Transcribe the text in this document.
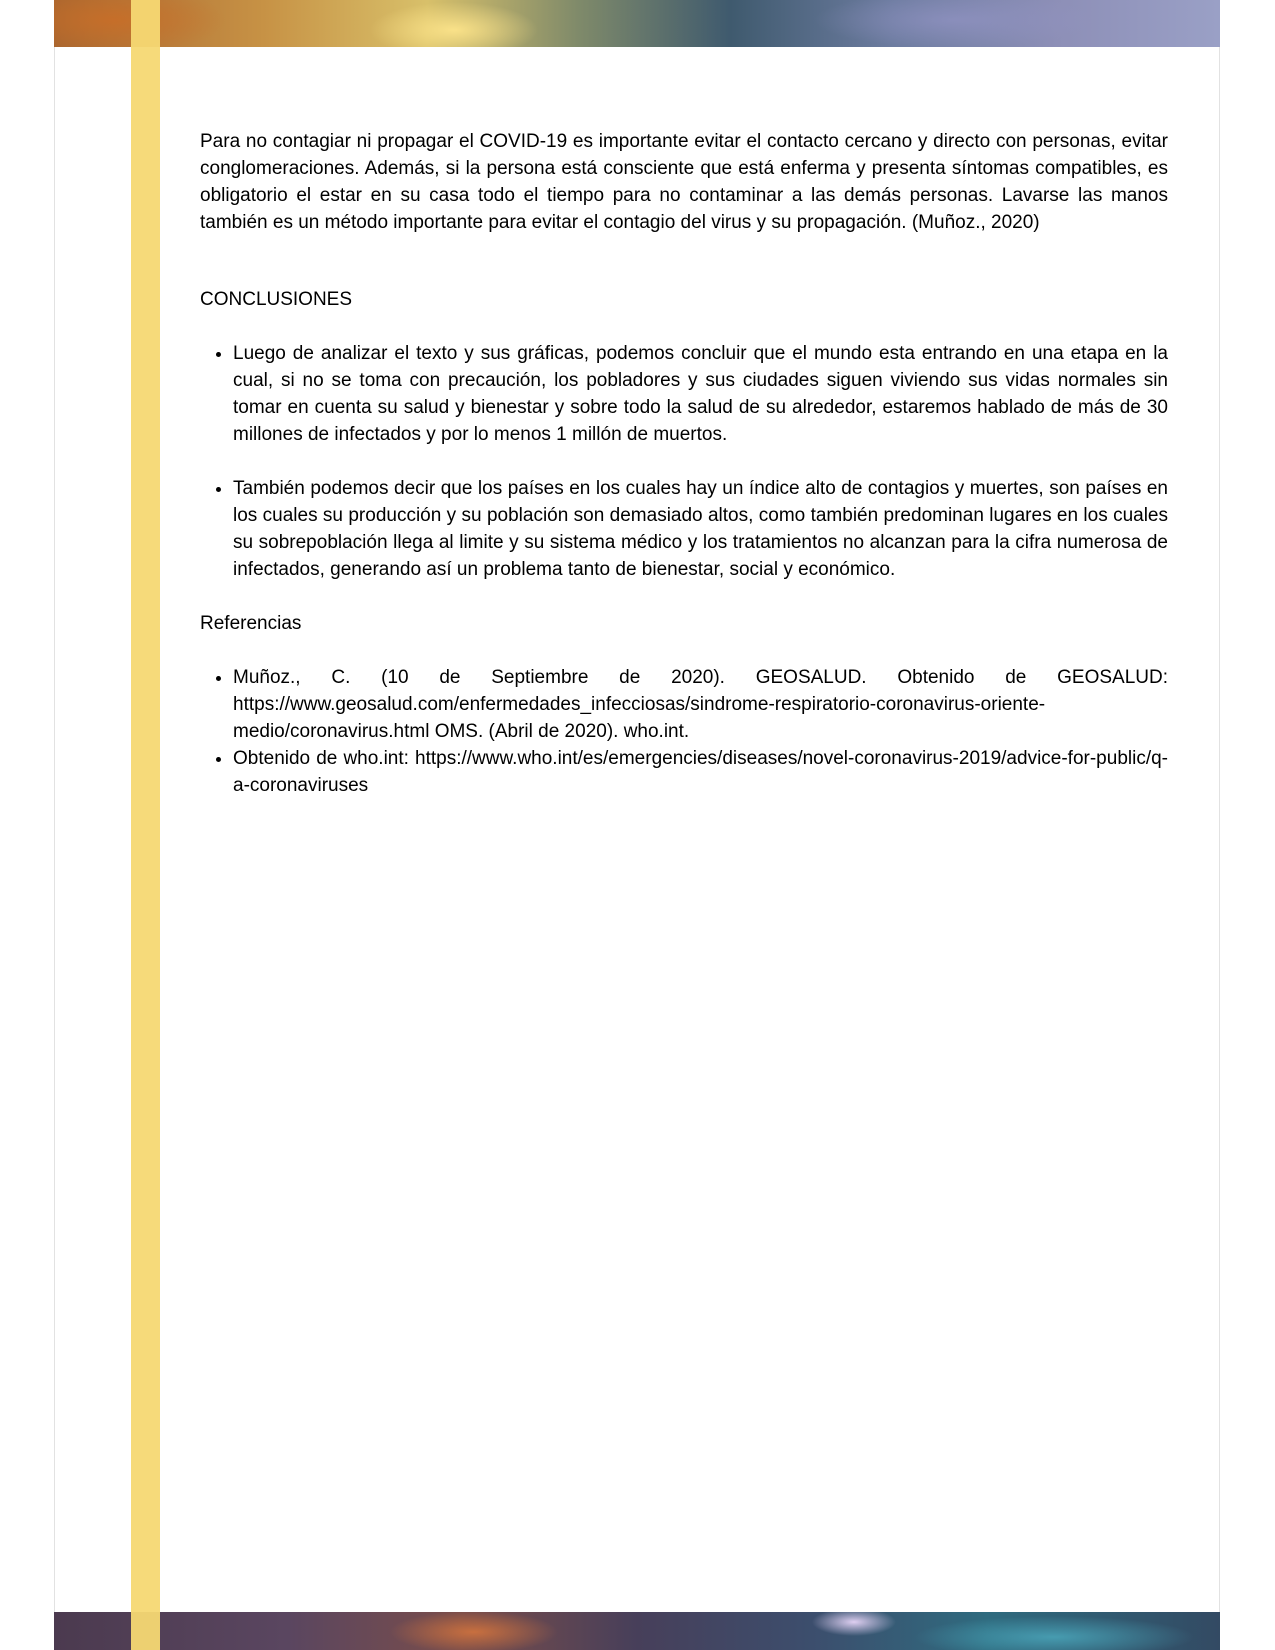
Para no contagiar ni propagar el COVID-19 es importante evitar el contacto cercano y directo con personas, evitar conglomeraciones. Además, si la persona está consciente que está enferma y presenta síntomas compatibles, es obligatorio el estar en su casa todo el tiempo para no contaminar a las demás personas. Lavarse las manos también es un método importante para evitar el contagio del virus y su propagación. (Muñoz., 2020)

CONCLUSIONES
• Luego de analizar el texto y sus gráficas, podemos concluir que el mundo esta entrando en una etapa en la cual, si no se toma con precaución, los pobladores y sus ciudades siguen viviendo sus vidas normales sin tomar en cuenta su salud y bienestar y sobre todo la salud de su alrededor, estaremos hablado de más de 30 millones de infectados y por lo menos 1 millón de muertos.
• También podemos decir que los países en los cuales hay un índice alto de contagios y muertes, son países en los cuales su producción y su población son demasiado altos, como también predominan lugares en los cuales su sobrepoblación llega al limite y su sistema médico y los tratamientos no alcanzan para la cifra numerosa de infectados, generando así un problema tanto de bienestar, social y económico.
Referencias
• Muñoz., C. (10 de Septiembre de 2020). GEOSALUD. Obtenido de GEOSALUD: https://www.geosalud.com/enfermedades_infecciosas/sindrome-respiratorio-coronavirus-oriente-medio/coronavirus.html OMS. (Abril de 2020). who.int.
• Obtenido de who.int: https://www.who.int/es/emergencies/diseases/novel-coronavirus-2019/advice-for-public/q-a-coronaviruses
